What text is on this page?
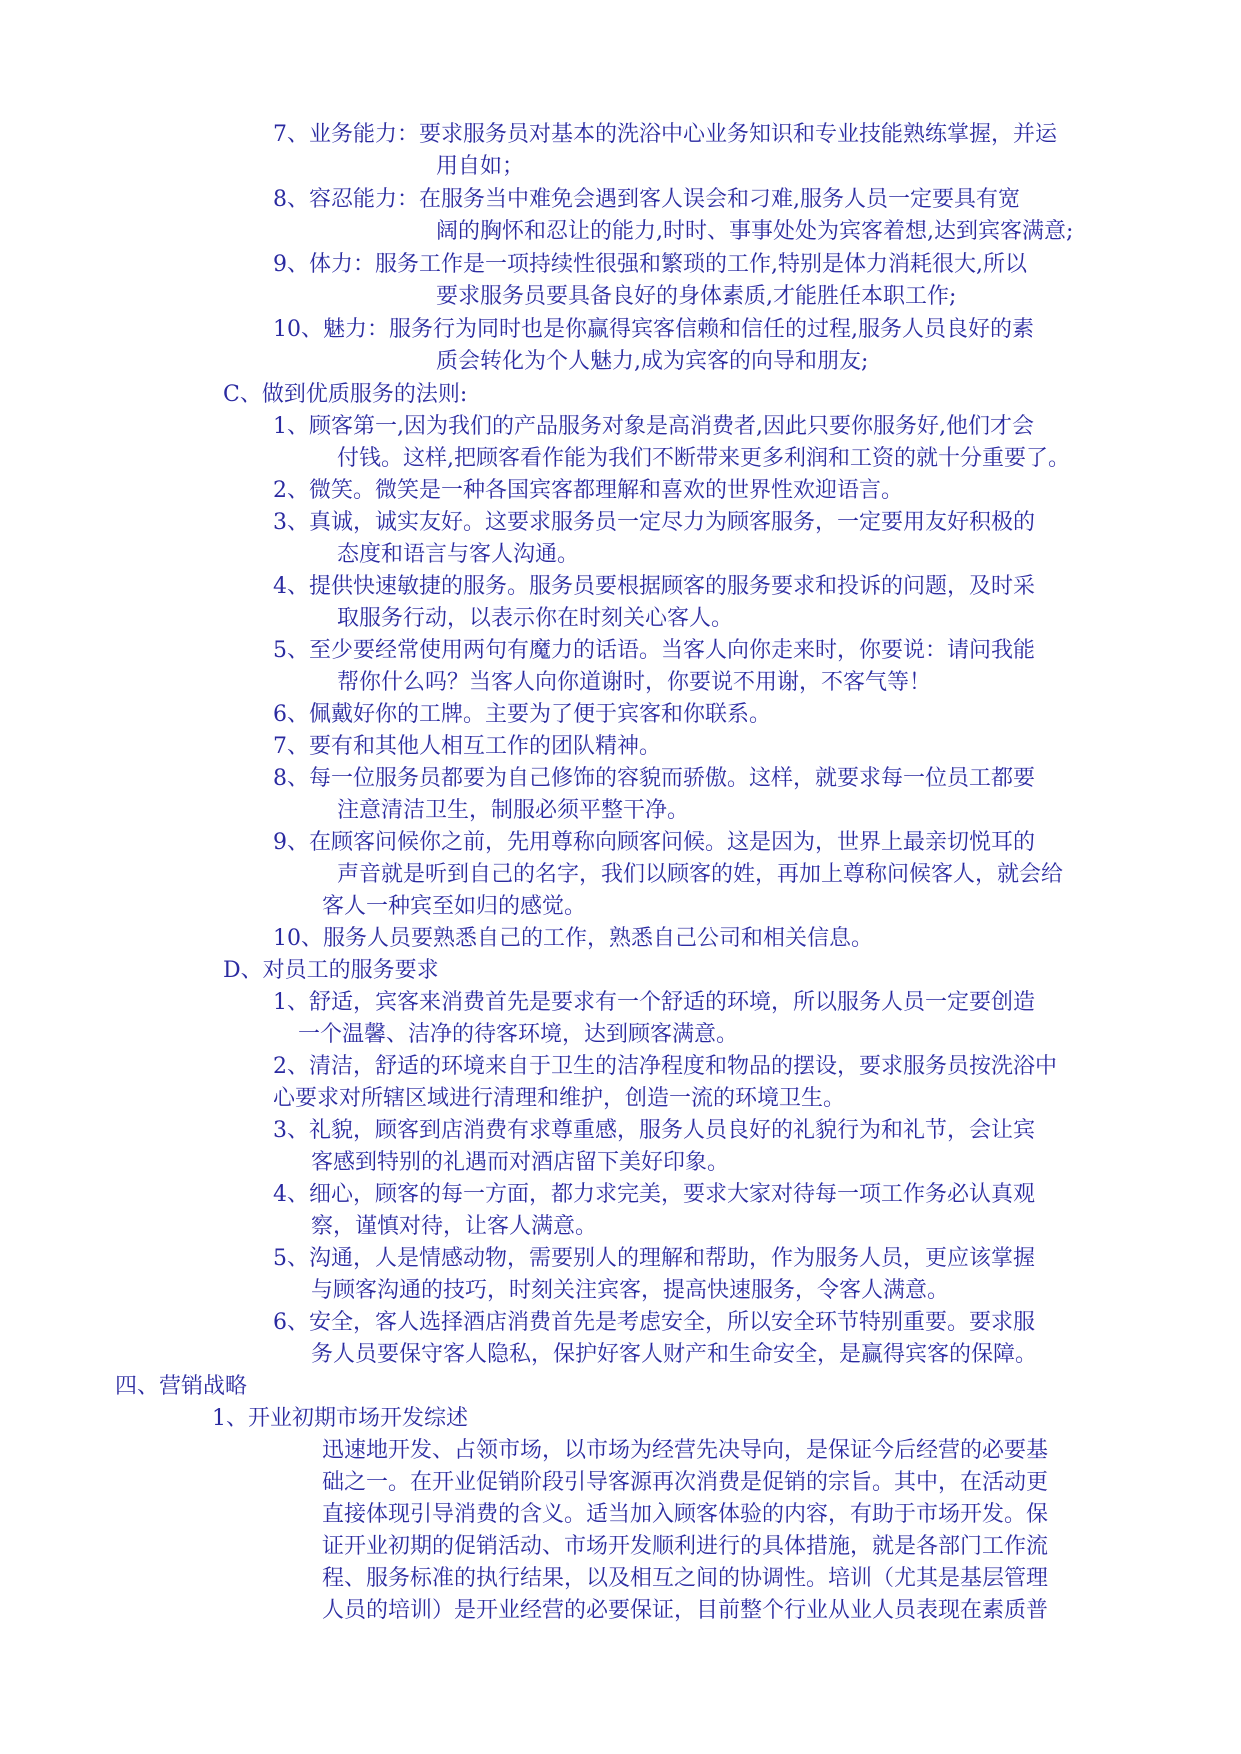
7、业务能力：要求服务员对基本的洗浴中心业务知识和专业技能熟练掌握，并运
用自如；
8、容忍能力：在服务当中难免会遇到客人误会和刁难,服务人员一定要具有宽
阔的胸怀和忍让的能力,时时、事事处处为宾客着想,达到宾客满意;
9、体力：服务工作是一项持续性很强和繁琐的工作,特别是体力消耗很大,所以
要求服务员要具备良好的身体素质,才能胜任本职工作;
10、魅力：服务行为同时也是你赢得宾客信赖和信任的过程,服务人员良好的素
质会转化为个人魅力,成为宾客的向导和朋友;
C、做到优质服务的法则:
1、顾客第一,因为我们的产品服务对象是高消费者,因此只要你服务好,他们才会
付钱。这样,把顾客看作能为我们不断带来更多利润和工资的就十分重要了。
2、微笑。微笑是一种各国宾客都理解和喜欢的世界性欢迎语言。
3、真诚，诚实友好。这要求服务员一定尽力为顾客服务，一定要用友好积极的
态度和语言与客人沟通。
4、提供快速敏捷的服务。服务员要根据顾客的服务要求和投诉的问题，及时采
取服务行动，以表示你在时刻关心客人。
5、至少要经常使用两句有魔力的话语。当客人向你走来时，你要说：请问我能
帮你什么吗？当客人向你道谢时，你要说不用谢，不客气等！
6、佩戴好你的工牌。主要为了便于宾客和你联系。
7、要有和其他人相互工作的团队精神。
8、每一位服务员都要为自己修饰的容貌而骄傲。这样，就要求每一位员工都要
注意清洁卫生，制服必须平整干净。
9、在顾客问候你之前，先用尊称向顾客问候。这是因为，世界上最亲切悦耳的
声音就是听到自己的名字，我们以顾客的姓，再加上尊称问候客人，就会给
客人一种宾至如归的感觉。
10、服务人员要熟悉自己的工作，熟悉自己公司和相关信息。
D、对员工的服务要求
1、舒适，宾客来消费首先是要求有一个舒适的环境，所以服务人员一定要创造
一个温馨、洁净的待客环境，达到顾客满意。
2、清洁，舒适的环境来自于卫生的洁净程度和物品的摆设，要求服务员按洗浴中
心要求对所辖区域进行清理和维护，创造一流的环境卫生。
3、礼貌，顾客到店消费有求尊重感，服务人员良好的礼貌行为和礼节，会让宾
客感到特别的礼遇而对酒店留下美好印象。
4、细心，顾客的每一方面，都力求完美，要求大家对待每一项工作务必认真观
察，谨慎对待，让客人满意。
5、沟通，人是情感动物，需要别人的理解和帮助，作为服务人员，更应该掌握
与顾客沟通的技巧，时刻关注宾客，提高快速服务，令客人满意。
6、安全，客人选择酒店消费首先是考虑安全，所以安全环节特别重要。要求服
务人员要保守客人隐私，保护好客人财产和生命安全，是赢得宾客的保障。
四、营销战略
1、开业初期市场开发综述
迅速地开发、占领市场，以市场为经营先决导向，是保证今后经营的必要基
础之一。在开业促销阶段引导客源再次消费是促销的宗旨。其中，在活动更
直接体现引导消费的含义。适当加入顾客体验的内容，有助于市场开发。保
证开业初期的促销活动、市场开发顺利进行的具体措施，就是各部门工作流
程、服务标准的执行结果，以及相互之间的协调性。培训（尤其是基层管理
人员的培训）是开业经营的必要保证，目前整个行业从业人员表现在素质普
